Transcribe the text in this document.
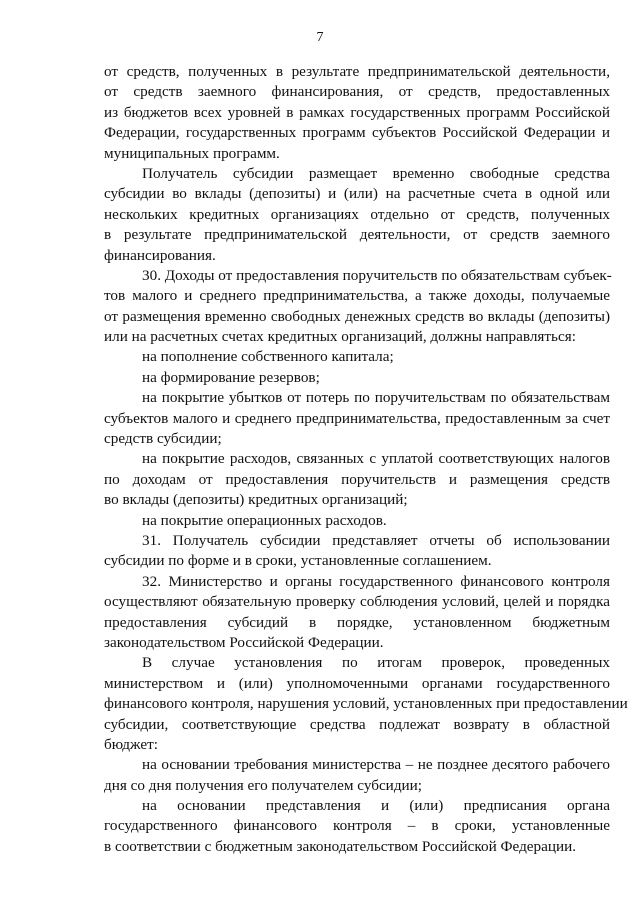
7
от средств, полученных в результате предпринимательской деятельности,
от средств заемного финансирования, от средств, предоставленных
из бюджетов всех уровней в рамках государственных программ Российской
Федерации, государственных программ субъектов Российской Федерации и
муниципальных программ.
Получатель субсидии размещает временно свободные средства
субсидии во вклады (депозиты) и (или) на расчетные счета в одной или
нескольких кредитных организациях отдельно от средств, полученных
в результате предпринимательской деятельности, от средств заемного
финансирования.
30. Доходы от предоставления поручительств по обязательствам субъек-
тов малого и среднего предпринимательства, а также доходы, получаемые
от размещения временно свободных денежных средств во вклады (депозиты)
или на расчетных счетах кредитных организаций, должны направляться:
на пополнение собственного капитала;
на формирование резервов;
на покрытие убытков от потерь по поручительствам по обязательствам
субъектов малого и среднего предпринимательства, предоставленным за счет
средств субсидии;
на покрытие расходов, связанных с уплатой соответствующих налогов
по доходам от предоставления поручительств и размещения средств
во вклады (депозиты) кредитных организаций;
на покрытие операционных расходов.
31. Получатель субсидии представляет отчеты об использовании
субсидии по форме и в сроки, установленные соглашением.
32. Министерство и органы государственного финансового контроля
осуществляют обязательную проверку соблюдения условий, целей и порядка
предоставления субсидий в порядке, установленном бюджетным
законодательством Российской Федерации.
В случае установления по итогам проверок, проведенных
министерством и (или) уполномоченными органами государственного
финансового контроля, нарушения условий, установленных при предоставлении
субсидии, соответствующие средства подлежат возврату в областной
бюджет:
на основании требования министерства – не позднее десятого рабочего
дня со дня получения его получателем субсидии;
на основании представления и (или) предписания органа
государственного финансового контроля – в сроки, установленные
в соответствии с бюджетным законодательством Российской Федерации.
